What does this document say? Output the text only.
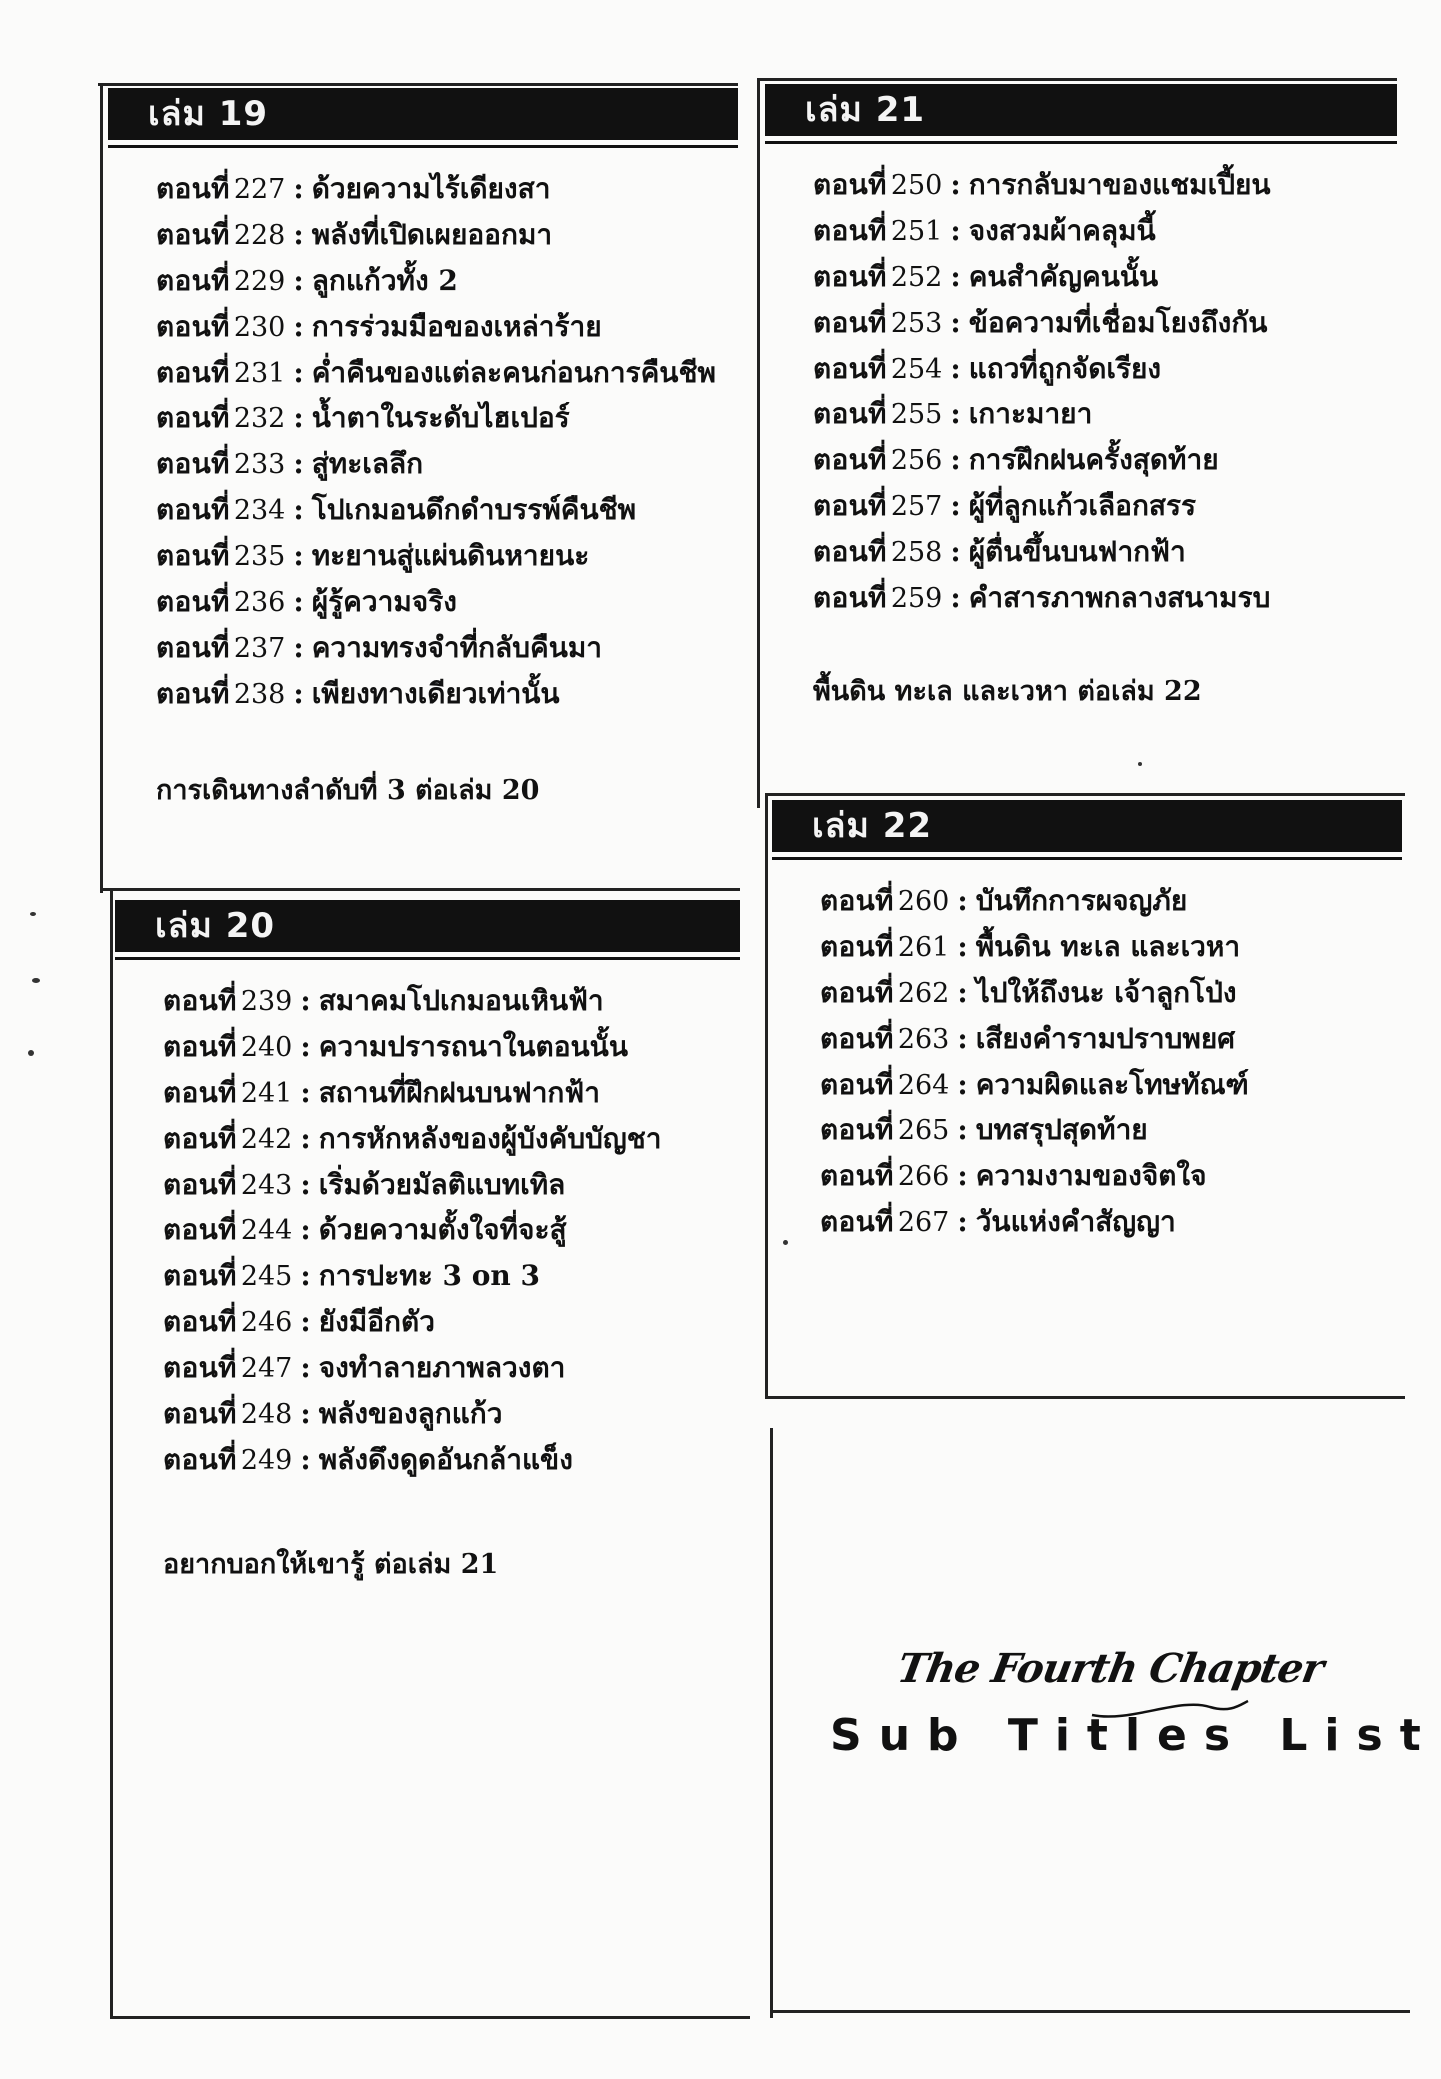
เล่ม 19
ตอนที่ 227 : ด้วยความไร้เดียงสา
ตอนที่ 228 : พลังที่เปิดเผยออกมา
ตอนที่ 229 : ลูกแก้วทั้ง 2
ตอนที่ 230 : การร่วมมือของเหล่าร้าย
ตอนที่ 231 : ค่ำคืนของแต่ละคนก่อนการคืนชีพ
ตอนที่ 232 : น้ำตาในระดับไฮเปอร์
ตอนที่ 233 : สู่ทะเลลึก
ตอนที่ 234 : โปเกมอนดึกดำบรรพ์คืนชีพ
ตอนที่ 235 : ทะยานสู่แผ่นดินหายนะ
ตอนที่ 236 : ผู้รู้ความจริง
ตอนที่ 237 : ความทรงจำที่กลับคืนมา
ตอนที่ 238 : เพียงทางเดียวเท่านั้น
การเดินทางลำดับที่ 3 ต่อเล่ม 20
เล่ม 20
ตอนที่ 239 : สมาคมโปเกมอนเหินฟ้า
ตอนที่ 240 : ความปรารถนาในตอนนั้น
ตอนที่ 241 : สถานที่ฝึกฝนบนฟากฟ้า
ตอนที่ 242 : การหักหลังของผู้บังคับบัญชา
ตอนที่ 243 : เริ่มด้วยมัลติแบทเทิล
ตอนที่ 244 : ด้วยความตั้งใจที่จะสู้
ตอนที่ 245 : การปะทะ 3 on 3
ตอนที่ 246 : ยังมีอีกตัว
ตอนที่ 247 : จงทำลายภาพลวงตา
ตอนที่ 248 : พลังของลูกแก้ว
ตอนที่ 249 : พลังดึงดูดอันกล้าแข็ง
อยากบอกให้เขารู้ ต่อเล่ม 21
เล่ม 21
ตอนที่ 250 : การกลับมาของแชมเปี้ยน
ตอนที่ 251 : จงสวมผ้าคลุมนี้
ตอนที่ 252 : คนสำคัญคนนั้น
ตอนที่ 253 : ข้อความที่เชื่อมโยงถึงกัน
ตอนที่ 254 : แถวที่ถูกจัดเรียง
ตอนที่ 255 : เกาะมายา
ตอนที่ 256 : การฝึกฝนครั้งสุดท้าย
ตอนที่ 257 : ผู้ที่ลูกแก้วเลือกสรร
ตอนที่ 258 : ผู้ตื่นขึ้นบนฟากฟ้า
ตอนที่ 259 : คำสารภาพกลางสนามรบ
พื้นดิน ทะเล และเวหา ต่อเล่ม 22
เล่ม 22
ตอนที่ 260 : บันทึกการผจญภัย
ตอนที่ 261 : พื้นดิน ทะเล และเวหา
ตอนที่ 262 : ไปให้ถึงนะ เจ้าลูกโป่ง
ตอนที่ 263 : เสียงคำรามปราบพยศ
ตอนที่ 264 : ความผิดและโทษทัณฑ์
ตอนที่ 265 : บทสรุปสุดท้าย
ตอนที่ 266 : ความงามของจิตใจ
ตอนที่ 267 : วันแห่งคำสัญญา
The Fourth Chapter
Sub Titles List
